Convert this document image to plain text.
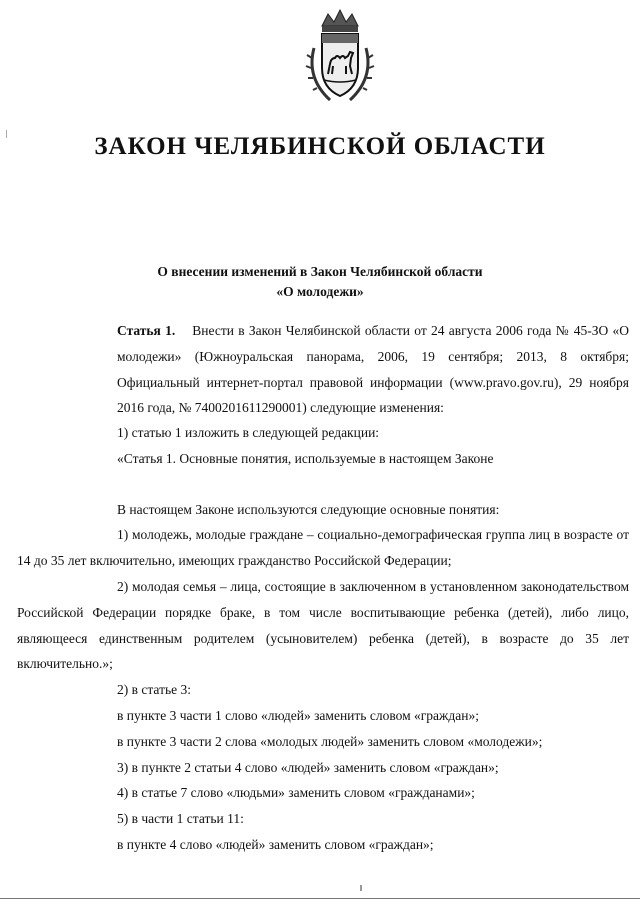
ЗАКОН ЧЕЛЯБИНСКОЙ ОБЛАСТИ
О внесении изменений в Закон Челябинской области
«О молодежи»

Статья 1. Внести в Закон Челябинской области от 24 августа 2006 года № 45-ЗО «О молодежи» (Южноуральская панорама, 2006, 19 сентября; 2013, 8 октября; Официальный интернет-портал правовой информации (www.pravo.gov.ru), 29 ноября 2016 года, № 7400201611290001) следующие изменения:

1) статью 1 изложить в следующей редакции:

«Статья 1. Основные понятия, используемые в настоящем Законе

В настоящем Законе используются следующие основные понятия:

1) молодежь, молодые граждане – социально-демографическая группа лиц в возрасте от 14 до 35 лет включительно, имеющих гражданство Российской Федерации;

2) молодая семья – лица, состоящие в заключенном в установленном законодательством Российской Федерации порядке браке, в том числе воспитывающие ребенка (детей), либо лицо, являющееся единственным родителем (усыновителем) ребенка (детей), в возрасте до 35 лет включительно.»;

2) в статье 3:

в пункте 3 части 1 слово «людей» заменить словом «граждан»;

в пункте 3 части 2 слова «молодых людей» заменить словом «молодежи»;

3) в пункте 2 статьи 4 слово «людей» заменить словом «граждан»;

4) в статье 7 слово «людьми» заменить словом «гражданами»;

5) в части 1 статьи 11:

в пункте 4 слово «людей» заменить словом «граждан»;
